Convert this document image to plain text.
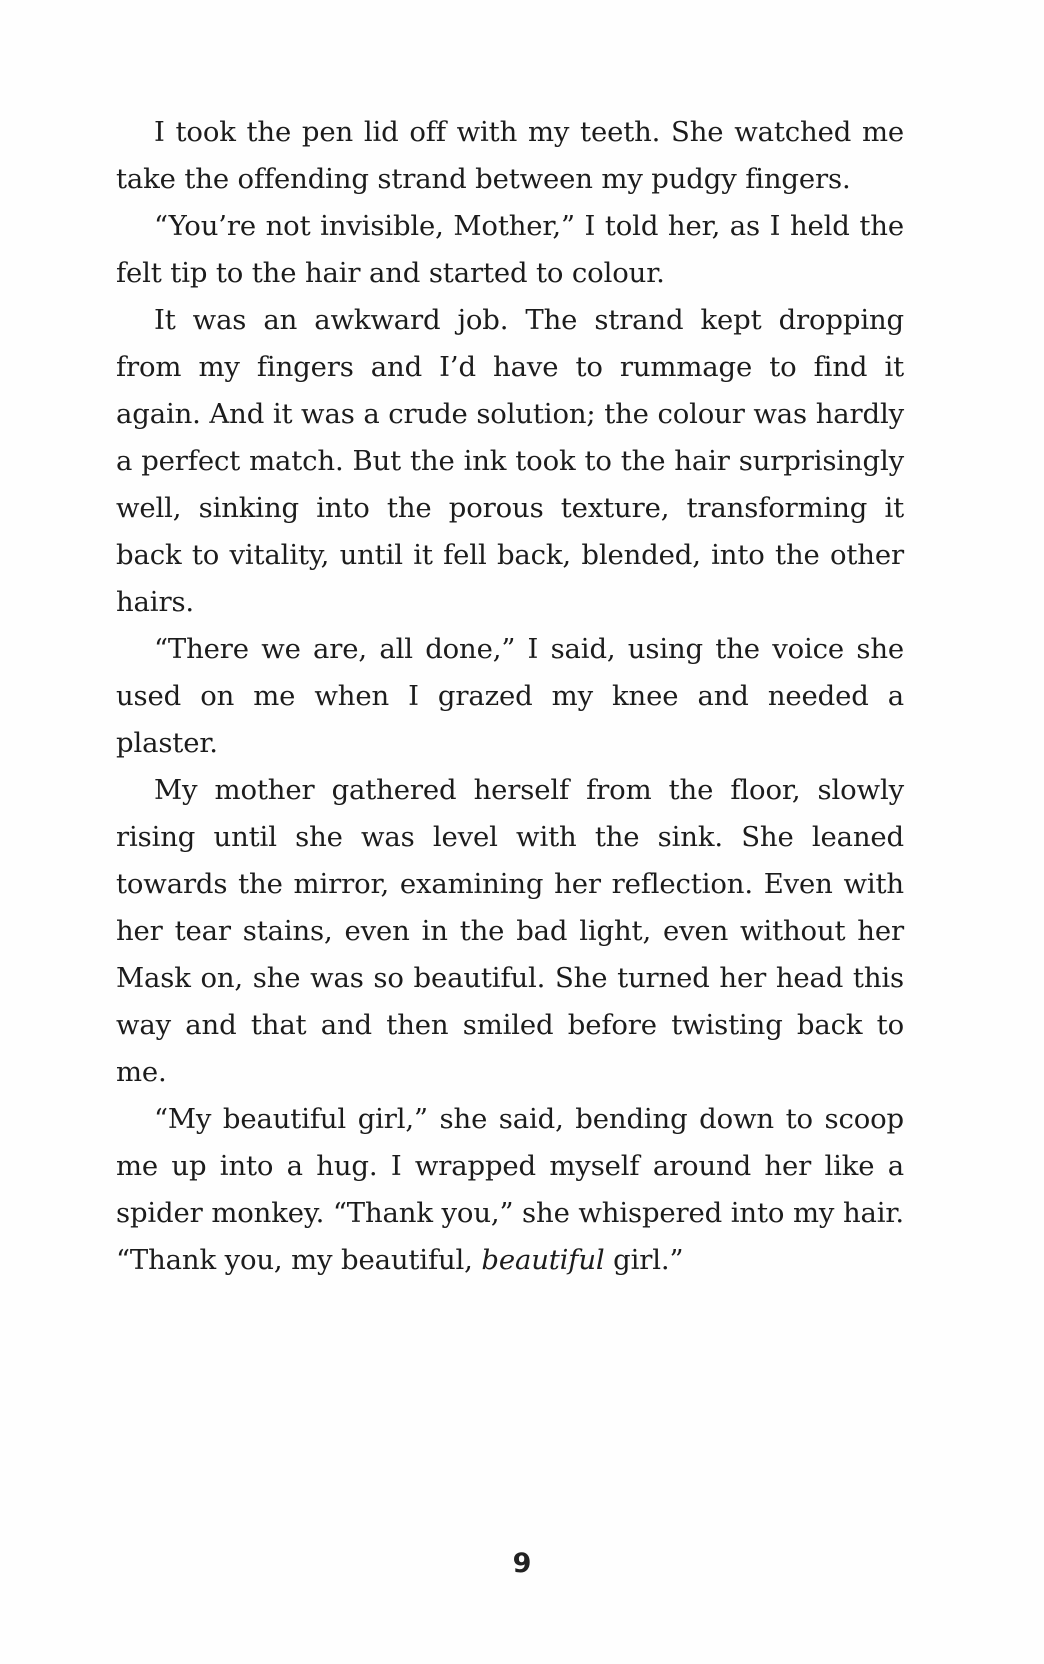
I took the pen lid off with my teeth. She watched me take the offending strand between my pudgy fingers.

“You’re not invisible, Mother,” I told her, as I held the felt tip to the hair and started to colour.

It was an awkward job. The strand kept dropping from my fingers and I’d have to rummage to find it again. And it was a crude solution; the colour was hardly a perfect match. But the ink took to the hair surprisingly well, sinking into the porous texture, transforming it back to vitality, until it fell back, blended, into the other hairs.

“There we are, all done,” I said, using the voice she used on me when I grazed my knee and needed a plaster.

My mother gathered herself from the floor, slowly rising until she was level with the sink. She leaned towards the mirror, examining her reflection. Even with her tear stains, even in the bad light, even without her Mask on, she was so beautiful. She turned her head this way and that and then smiled before twisting back to me.

“My beautiful girl,” she said, bending down to scoop me up into a hug. I wrapped myself around her like a spider monkey. “Thank you,” she whispered into my hair. “Thank you, my beautiful, beautiful girl.”

9
